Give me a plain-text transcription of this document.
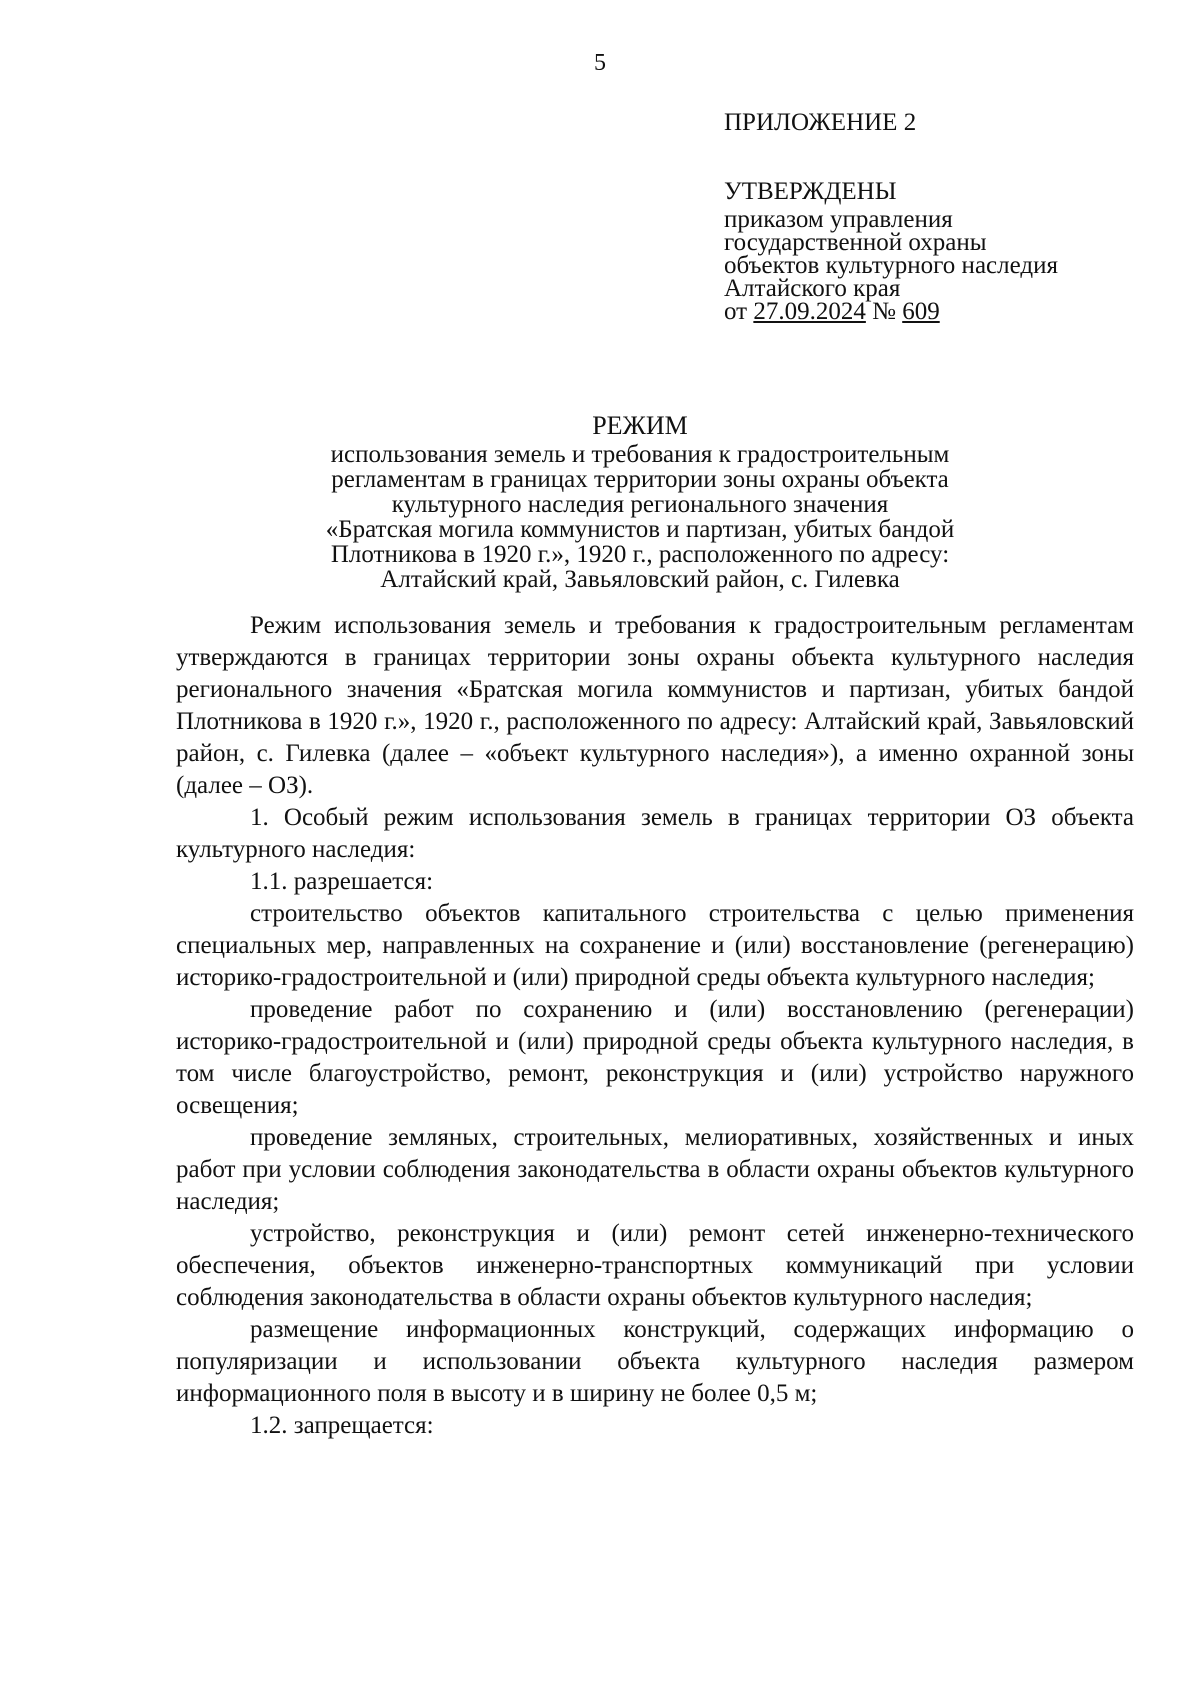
5
ПРИЛОЖЕНИЕ 2
УТВЕРЖДЕНЫ
приказом управления
государственной охраны
объектов культурного наследия
Алтайского края
от 27.09.2024 № 609
РЕЖИМ
использования земель и требования к градостроительным
регламентам в границах территории зоны охраны объекта
культурного наследия регионального значения
«Братская могила коммунистов и партизан, убитых бандой
Плотникова в 1920 г.», 1920 г., расположенного по адресу:
Алтайский край, Завьяловский район, с. Гилевка

Режим использования земель и требования к градостроительным регламентам утверждаются в границах территории зоны охраны объекта культурного наследия регионального значения «Братская могила коммунистов и партизан, убитых бандой Плотникова в 1920 г.», 1920 г., расположенного по адресу: Алтайский край, Завьяловский район, с. Гилевка (далее – «объект культурного наследия»), а именно охранной зоны (далее – ОЗ).

1. Особый режим использования земель в границах территории ОЗ объекта культурного наследия:

1.1. разрешается:

строительство объектов капитального строительства с целью применения специальных мер, направленных на сохранение и (или) восстановление (регенерацию) историко-градостроительной и (или) природной среды объекта культурного наследия;

проведение работ по сохранению и (или) восстановлению (регенерации) историко-градостроительной и (или) природной среды объекта культурного наследия, в том числе благоустройство, ремонт, реконструкция и (или) устройство наружного освещения;

проведение земляных, строительных, мелиоративных, хозяйственных и иных работ при условии соблюдения законодательства в области охраны объектов культурного наследия;

устройство, реконструкция и (или) ремонт сетей инженерно-технического обеспечения, объектов инженерно-транспортных коммуникаций при условии соблюдения законодательства в области охраны объектов культурного наследия;

размещение информационных конструкций, содержащих информацию о популяризации и использовании объекта культурного наследия размером информационного поля в высоту и в ширину не более 0,5 м;

1.2. запрещается:
